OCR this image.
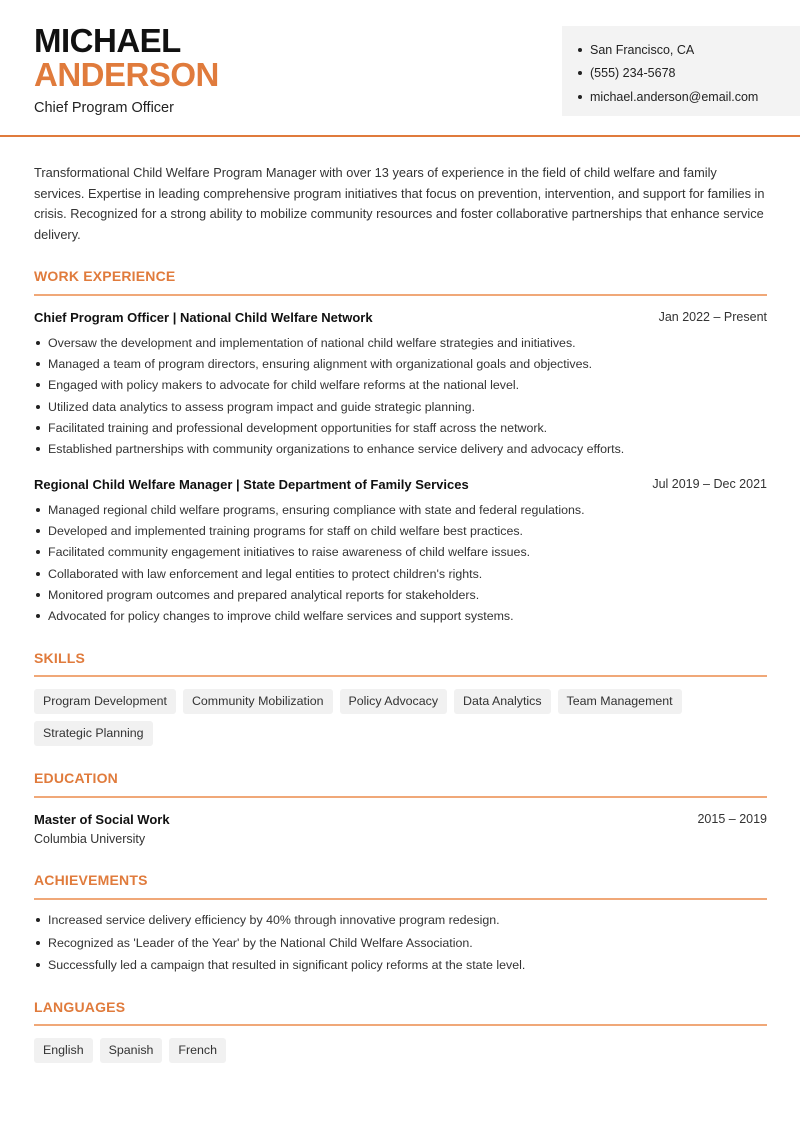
MICHAEL
ANDERSON
Chief Program Officer
San Francisco, CA
(555) 234-5678
michael.anderson@email.com
Transformational Child Welfare Program Manager with over 13 years of experience in the field of child welfare and family services. Expertise in leading comprehensive program initiatives that focus on prevention, intervention, and support for families in crisis. Recognized for a strong ability to mobilize community resources and foster collaborative partnerships that enhance service delivery.
WORK EXPERIENCE
Chief Program Officer | National Child Welfare Network	Jan 2022 – Present
Oversaw the development and implementation of national child welfare strategies and initiatives.
Managed a team of program directors, ensuring alignment with organizational goals and objectives.
Engaged with policy makers to advocate for child welfare reforms at the national level.
Utilized data analytics to assess program impact and guide strategic planning.
Facilitated training and professional development opportunities for staff across the network.
Established partnerships with community organizations to enhance service delivery and advocacy efforts.
Regional Child Welfare Manager | State Department of Family Services	Jul 2019 – Dec 2021
Managed regional child welfare programs, ensuring compliance with state and federal regulations.
Developed and implemented training programs for staff on child welfare best practices.
Facilitated community engagement initiatives to raise awareness of child welfare issues.
Collaborated with law enforcement and legal entities to protect children's rights.
Monitored program outcomes and prepared analytical reports for stakeholders.
Advocated for policy changes to improve child welfare services and support systems.
SKILLS
Program Development	Community Mobilization	Policy Advocacy	Data Analytics	Team Management
Strategic Planning
EDUCATION
Master of Social Work	2015 – 2019
Columbia University
ACHIEVEMENTS
Increased service delivery efficiency by 40% through innovative program redesign.
Recognized as 'Leader of the Year' by the National Child Welfare Association.
Successfully led a campaign that resulted in significant policy reforms at the state level.
LANGUAGES
English	Spanish	French
